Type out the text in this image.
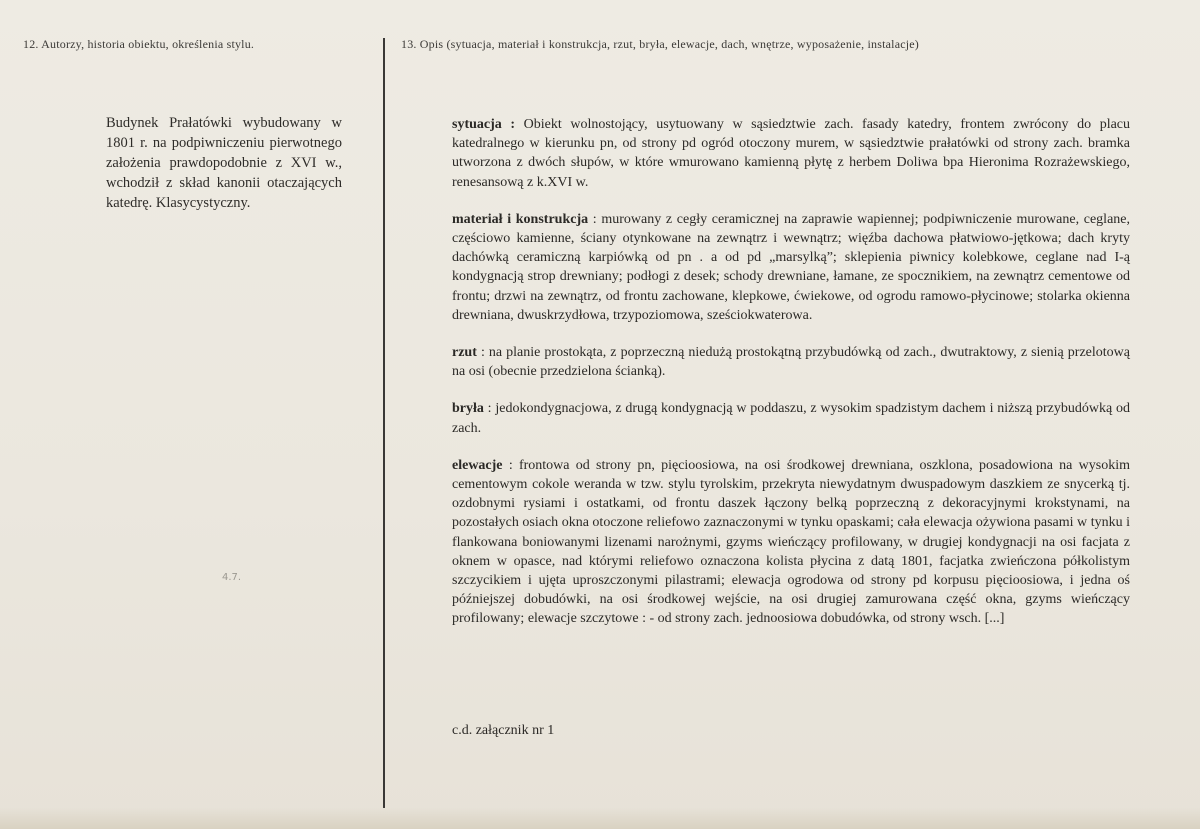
12. Autorzy, historia obiektu, określenia stylu.	13. Opis (sytuacja, materiał i konstrukcja, rzut, bryła, elewacje, dach, wnętrze, wyposażenie, instalacje)
Budynek Prałatówki wybudowany w 1801 r. na podpiwniczeniu pierwotnego założenia prawdopodobnie z XVI w., wchodził z skład kanonii otaczających katedrę. Klasycystyczny.
4.7.

sytuacja : Obiekt wolnostojący, usytuowany w sąsiedztwie zach. fasady katedry, frontem zwrócony do placu katedralnego w kierunku pn, od strony pd ogród otoczony murem, w sąsiedztwie prałatówki od strony zach. bramka utworzona z dwóch słupów, w które wmurowano kamienną płytę z herbem Doliwa bpa Hieronima Rozrażewskiego, renesansową z k.XVI w.

materiał i konstrukcja : murowany z cegły ceramicznej na zaprawie wapiennej; podpiwniczenie murowane, ceglane, częściowo kamienne, ściany otynkowane na zewnątrz i wewnątrz; więźba dachowa płatwiowo-jętkowa; dach kryty dachówką ceramiczną karpiówką od pn . a od pd „marsylką”; sklepienia piwnicy kolebkowe, ceglane nad I-ą kondygnacją strop drewniany; podłogi z desek; schody drewniane, łamane, ze spocznikiem, na zewnątrz cementowe od frontu; drzwi na zewnątrz, od frontu zachowane, klepkowe, ćwiekowe, od ogrodu ramowo-płycinowe; stolarka okienna drewniana, dwuskrzydłowa, trzypoziomowa, sześciokwaterowa.

rzut : na planie prostokąta, z poprzeczną niedużą prostokątną przybudówką od zach., dwutraktowy, z sienią przelotową na osi (obecnie przedzielona ścianką).

bryła : jedokondygnacjowa, z drugą kondygnacją w poddaszu, z wysokim spadzistym dachem i niższą przybudówką od zach.

elewacje : frontowa od strony pn, pięcioosiowa, na osi środkowej drewniana, oszklona, posadowiona na wysokim cementowym cokole weranda w tzw. stylu tyrolskim, przekryta niewydatnym dwuspadowym daszkiem ze snycerką tj. ozdobnymi rysiami i ostatkami, od frontu daszek łączony belką poprzeczną z dekoracyjnymi krokstynami, na pozostałych osiach okna otoczone reliefowo zaznaczonymi w tynku opaskami; cała elewacja ożywiona pasami w tynku i flankowana boniowanymi lizenami narożnymi, gzyms wieńczący profilowany, w drugiej kondygnacji na osi facjata z oknem w opasce, nad którymi reliefowo oznaczona kolista płycina z datą 1801, facjatka zwieńczona półkolistym szczycikiem i ujęta uproszczonymi pilastrami; elewacja ogrodowa od strony pd korpusu pięcioosiowa, i jedna oś późniejszej dobudówki, na osi środkowej wejście, na osi drugiej zamurowana część okna, gzyms wieńczący profilowany; elewacje szczytowe : - od strony zach. jednoosiowa dobudówka, od strony wsch. [...]

c.d. załącznik nr 1
